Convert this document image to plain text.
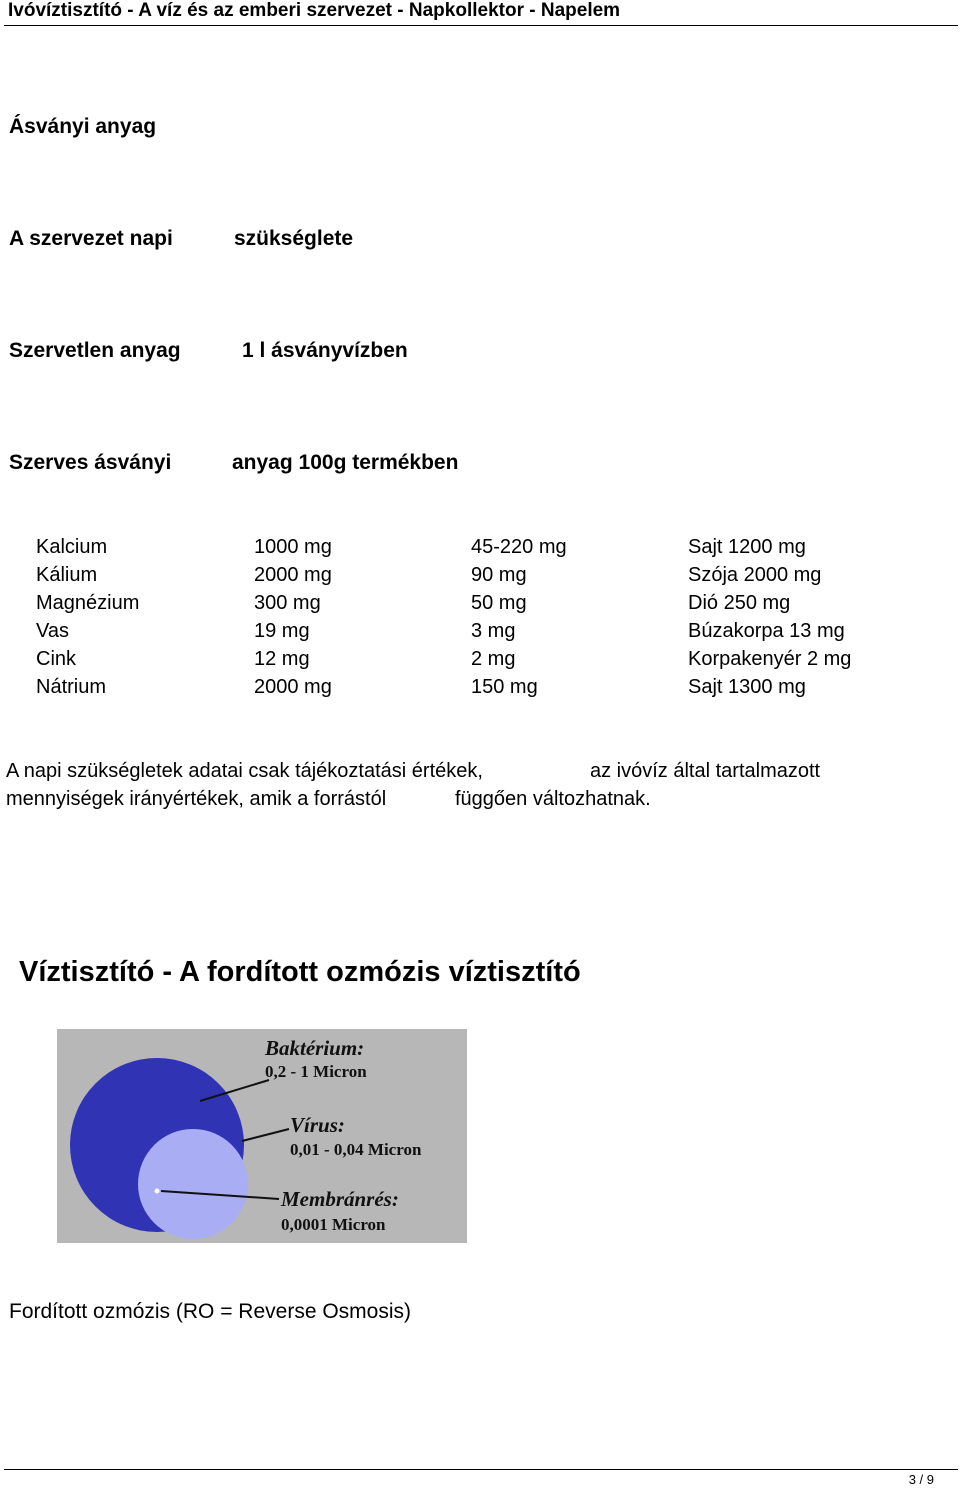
Ivóvíztisztító - A víz és az emberi szervezet - Napkollektor - Napelem
Ásványi anyag
A szervezet napi	szükséglete
Szervetlen anyag	1 l ásványvízben
Szerves ásványi	anyag 100g termékben
Kalcium	1000 mg	45-220 mg	Sajt 1200 mg
Kálium	2000 mg	90 mg	Szója 2000 mg
Magnézium	300 mg	50 mg	Dió 250 mg
Vas	19 mg	3 mg	Búzakorpa 13 mg
Cink	12 mg	2 mg	Korpakenyér 2 mg
Nátrium	2000 mg	150 mg	Sajt 1300 mg
A napi szükségletek adatai csak tájékoztatási értékek,	az ivóvíz által tartalmazott
mennyiségek irányértékek, amik a forrástól	függően változhatnak.
Víztisztító - A fordított ozmózis víztisztító
Baktérium:
0,2 - 1 Micron
Vírus:
0,01 - 0,04 Micron
Membránrés:
0,0001 Micron
Fordított ozmózis (RO = Reverse Osmosis)
3 / 9
